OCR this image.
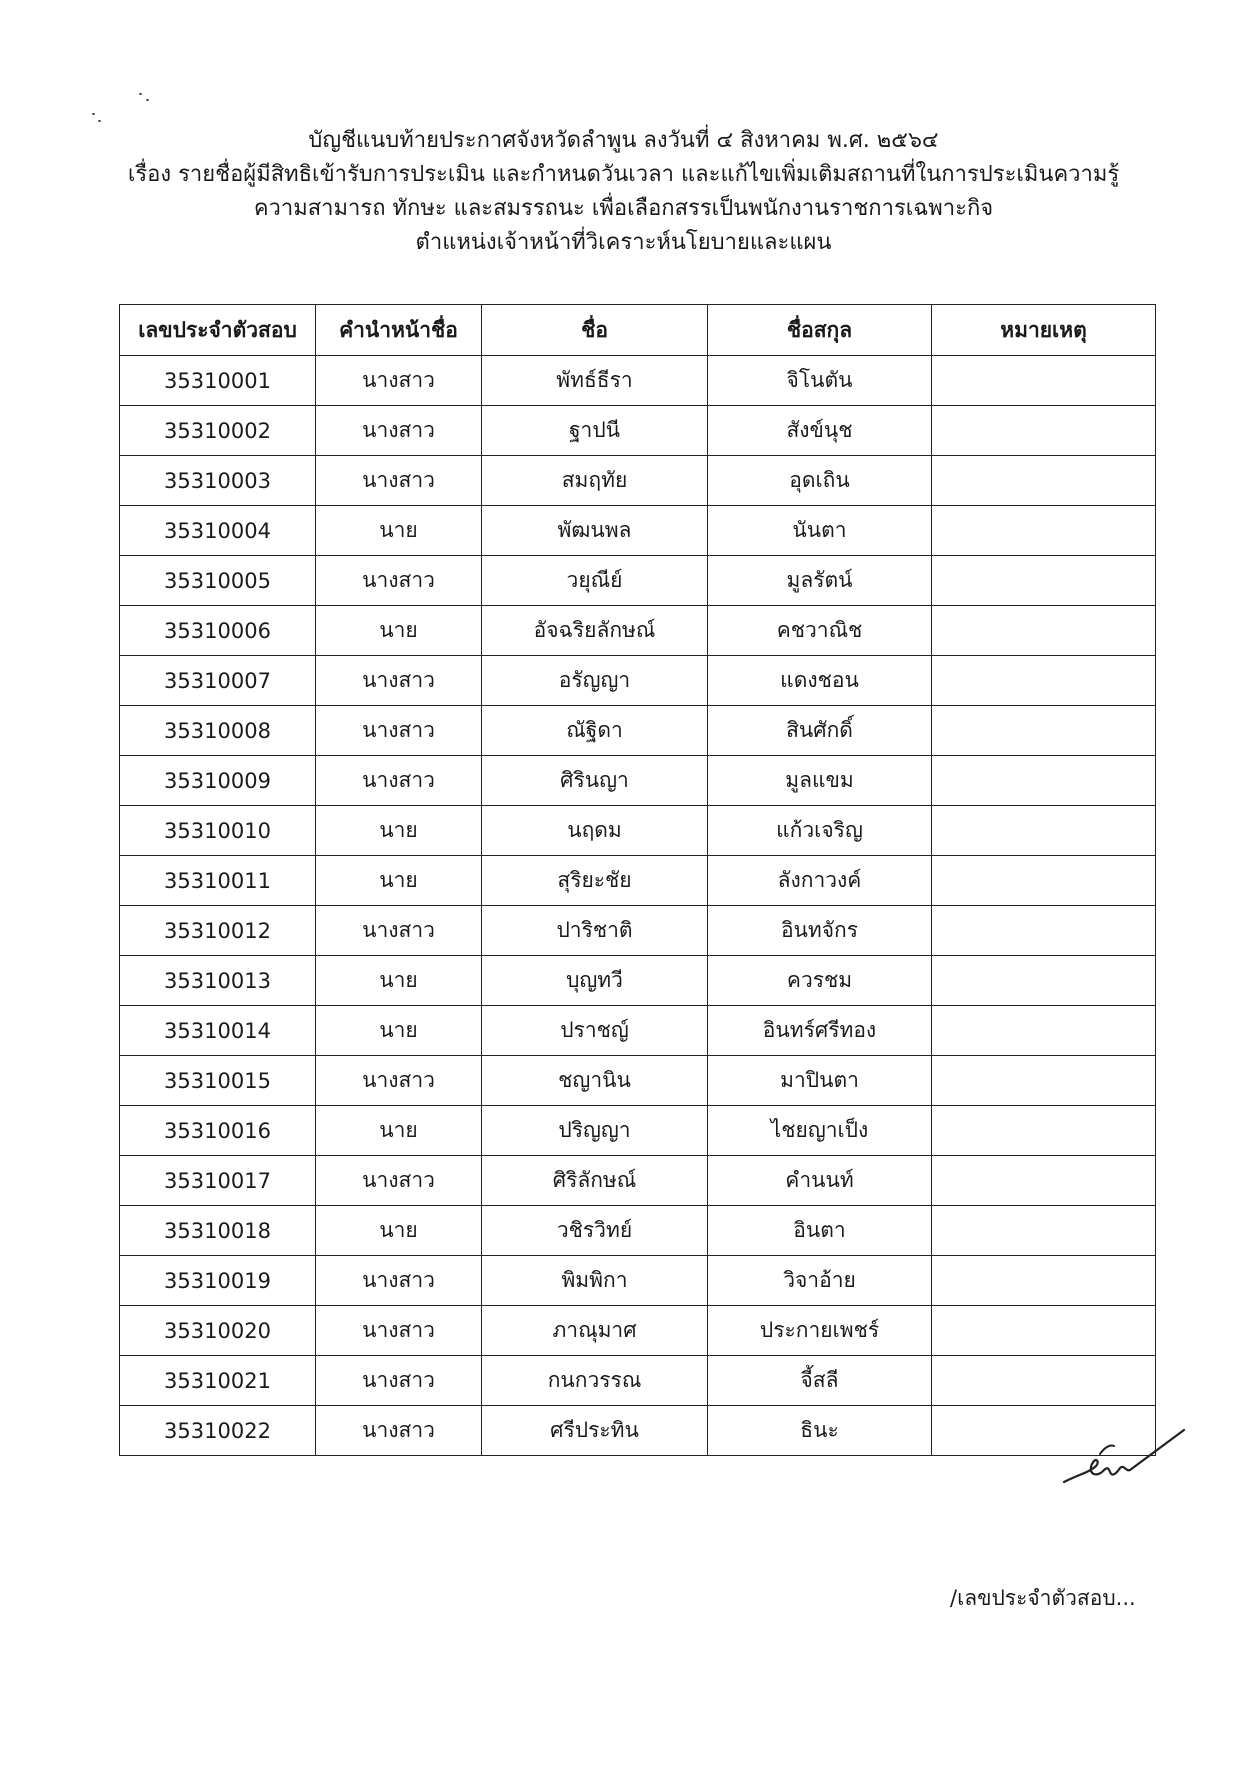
บัญชีแนบท้ายประกาศจังหวัดลำพูน ลงวันที่ ๔ สิงหาคม พ.ศ. ๒๕๖๔
เรื่อง รายชื่อผู้มีสิทธิเข้ารับการประเมิน และกำหนดวันเวลา และแก้ไขเพิ่มเติมสถานที่ในการประเมินความรู้
ความสามารถ ทักษะ และสมรรถนะ เพื่อเลือกสรรเป็นพนักงานราชการเฉพาะกิจ
ตำแหน่งเจ้าหน้าที่วิเคราะห์นโยบายและแผน
เลขประจำตัวสอบ	คำนำหน้าชื่อ	ชื่อ	ชื่อสกุล	หมายเหตุ
35310001	นางสาว	พัทธ์ธีรา	จิโนตัน	
35310002	นางสาว	ฐาปนี	สังข์นุช	
35310003	นางสาว	สมฤทัย	อุดเถิน	
35310004	นาย	พัฒนพล	นันตา	
35310005	นางสาว	วยุณีย์	มูลรัตน์	
35310006	นาย	อัจฉริยลักษณ์	คชวาณิช	
35310007	นางสาว	อรัญญา	แดงชอน	
35310008	นางสาว	ณัฐิดา	สินศักดิ์	
35310009	นางสาว	ศิรินญา	มูลแขม	
35310010	นาย	นฤดม	แก้วเจริญ	
35310011	นาย	สุริยะชัย	ลังกาวงค์	
35310012	นางสาว	ปาริชาติ	อินทจักร	
35310013	นาย	บุญทวี	ควรชม	
35310014	นาย	ปราชญ์	อินทร์ศรีทอง	
35310015	นางสาว	ชญานิน	มาปินตา	
35310016	นาย	ปริญญา	ไชยญาเป็ง	
35310017	นางสาว	ศิริลักษณ์	คำนนท์	
35310018	นาย	วชิรวิทย์	อินตา	
35310019	นางสาว	พิมพิกา	วิจาอ้าย	
35310020	นางสาว	ภาณุมาศ	ประกายเพชร์	
35310021	นางสาว	กนกวรรณ	จี้สลี	
35310022	นางสาว	ศรีประทิน	ธินะ	
/เลขประจำตัวสอบ...
